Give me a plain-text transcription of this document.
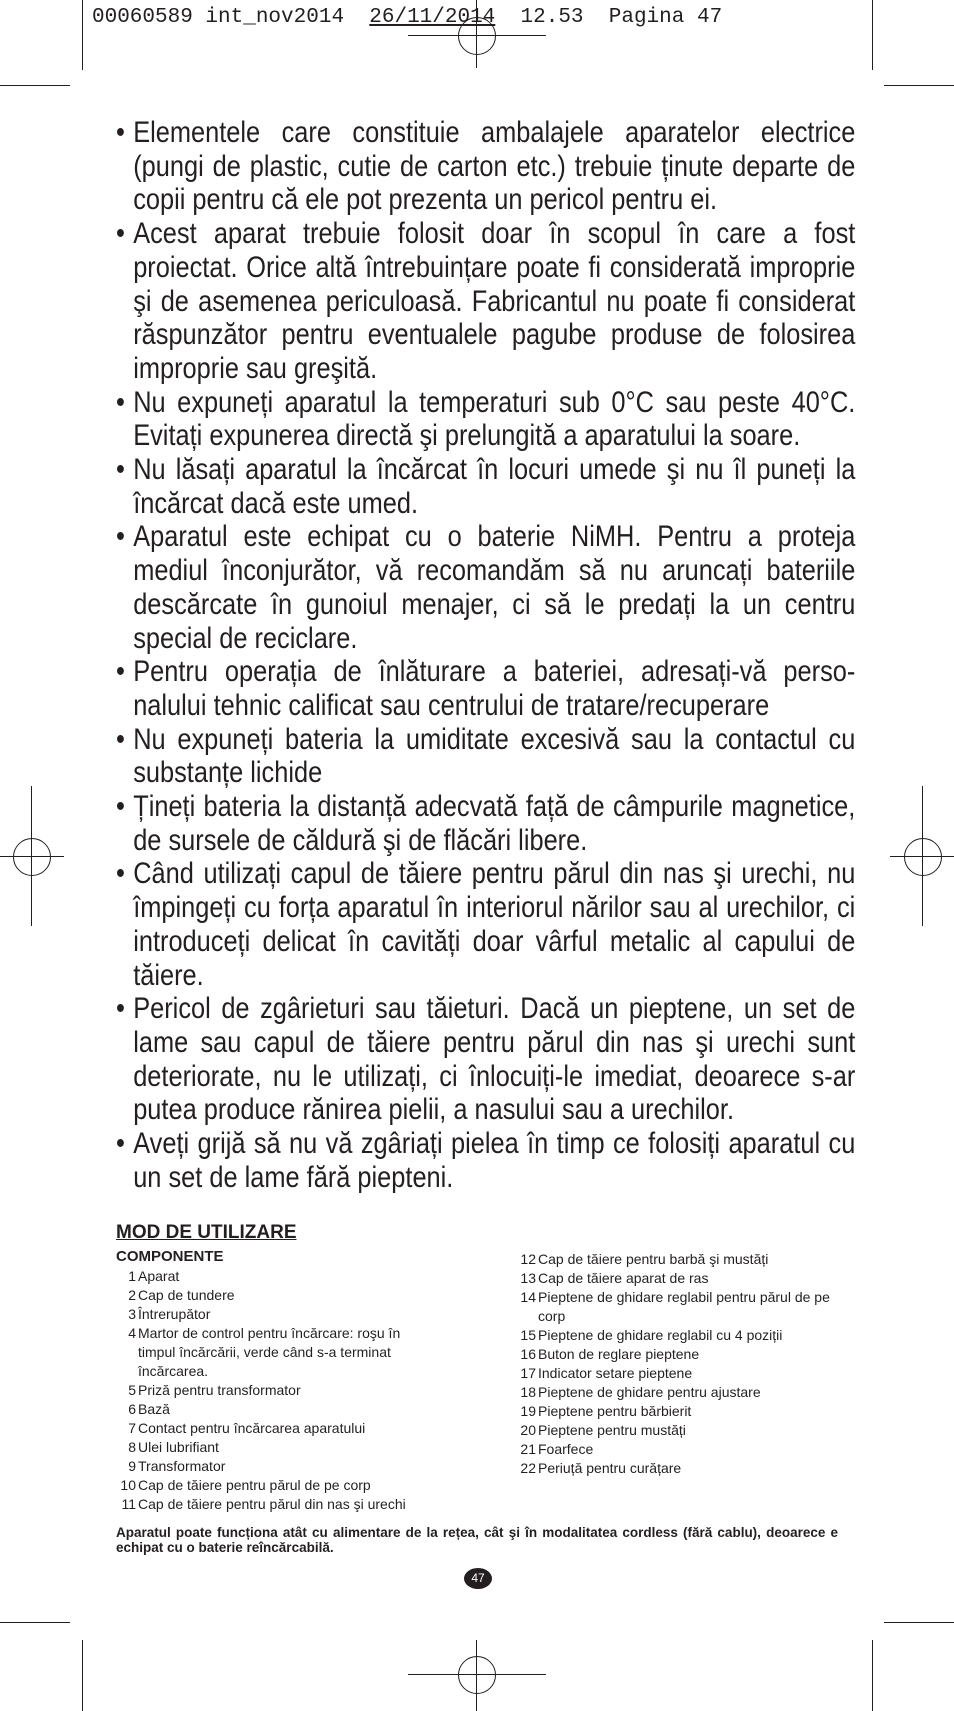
00060589 int_nov2014 26/11/2014 12.53 Pagina 47
• Elementele care constituie ambalajele aparatelor electrice (pungi de plastic, cutie de carton etc.) trebuie ținute departe de copii pentru că ele pot prezenta un pericol pentru ei.
• Acest aparat trebuie folosit doar în scopul în care a fost proiectat. Orice altă întrebuințare poate fi considerată improprie şi de asemenea periculoasă. Fabricantul nu poate fi considerat răspunzător pentru eventualele pagube produse de folosirea improprie sau greşită.
• Nu expuneți aparatul la temperaturi sub 0°C sau peste 40°C. Evitați expunerea directă şi prelungită a aparatului la soare.
• Nu lăsați aparatul la încărcat în locuri umede şi nu îl puneți la încărcat dacă este umed.
• Aparatul este echipat cu o baterie NiMH. Pentru a proteja mediul înconjurător, vă recomandăm să nu aruncați bateriile descărcate în gunoiul menajer, ci să le predați la un centru special de reciclare.
• Pentru operația de înlăturare a bateriei, adresați-vă perso-nalului tehnic calificat sau centrului de tratare/recuperare
• Nu expuneți bateria la umiditate excesivă sau la contactul cu substanțe lichide
• Țineți bateria la distanță adecvată față de câmpurile magnetice, de sursele de căldură şi de flăcări libere.
• Când utilizați capul de tăiere pentru părul din nas şi urechi, nu împingeți cu forța aparatul în interiorul nărilor sau al urechilor, ci introduceți delicat în cavități doar vârful metalic al capului de tăiere.
• Pericol de zgârieturi sau tăieturi. Dacă un pieptene, un set de lame sau capul de tăiere pentru părul din nas şi urechi sunt deteriorate, nu le utilizați, ci înlocuiți-le imediat, deoarece s-ar putea produce rănirea pielii, a nasului sau a urechilor.
• Aveți grijă să nu vă zgâriați pielea în timp ce folosiți aparatul cu un set de lame fără piepteni.
MOD DE UTILIZARE
COMPONENTE
1 Aparat
2 Cap de tundere
3 Întrerupător
4 Martor de control pentru încărcare: roşu în timpul încărcării, verde când s-a terminat încărcarea.
5 Priză pentru transformator
6 Bază
7 Contact pentru încărcarea aparatului
8 Ulei lubrifiant
9 Transformator
10 Cap de tăiere pentru părul de pe corp
11 Cap de tăiere pentru părul din nas şi urechi
12 Cap de tăiere pentru barbă şi mustăți
13 Cap de tăiere aparat de ras
14 Pieptene de ghidare reglabil pentru părul de pe corp
15 Pieptene de ghidare reglabil cu 4 poziții
16 Buton de reglare pieptene
17 Indicator setare pieptene
18 Pieptene de ghidare pentru ajustare
19 Pieptene pentru bărbierit
20 Pieptene pentru mustăți
21 Foarfece
22 Periuță pentru curățare
Aparatul poate funcționa atât cu alimentare de la rețea, cât şi în modalitatea cordless (fără cablu), deoarece e echipat cu o baterie reîncărcabilă.
47
